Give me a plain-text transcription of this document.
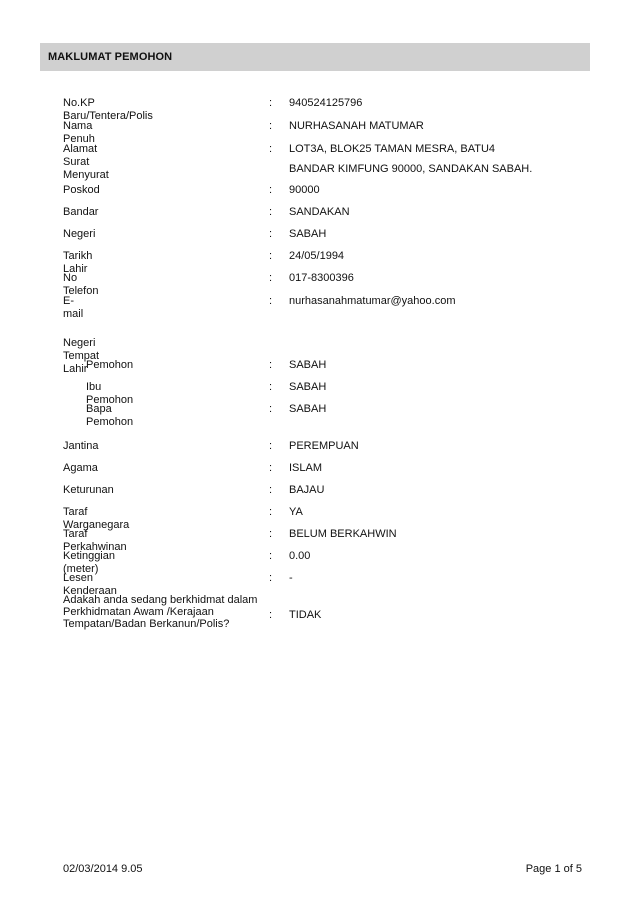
MAKLUMAT PEMOHON
No.KP Baru/Tentera/Polis
: 940524125796
Nama Penuh
: NURHASANAH MATUMAR
Alamat Surat Menyurat
: LOT3A, BLOK25 TAMAN MESRA, BATU4
BANDAR KIMFUNG 90000, SANDAKAN SABAH.
Poskod	: 90000
Bandar	: SANDAKAN
Negeri	: SABAH
Tarikh Lahir
: 24/05/1994
No Telefon
: 017-8300396
E-mail
: nurhasanahmatumar@yahoo.com
Negeri Tempat Lahir
Pemohon	: SABAH
Ibu Pemohon
: SABAH
Bapa Pemohon
: SABAH
Jantina	: PEREMPUAN
Agama	: ISLAM
Keturunan	: BAJAU
Taraf Warganegara
: YA
Taraf Perkahwinan
: BELUM BERKAHWIN
Ketinggian (meter)
: 0.00
Lesen Kenderaan
: -
Adakah anda sedang berkhidmat dalam
Perkhidmatan Awam /Kerajaan
Tempatan/Badan Berkanun/Polis?
: TIDAK
02/03/2014 9.05	Page 1 of 5
